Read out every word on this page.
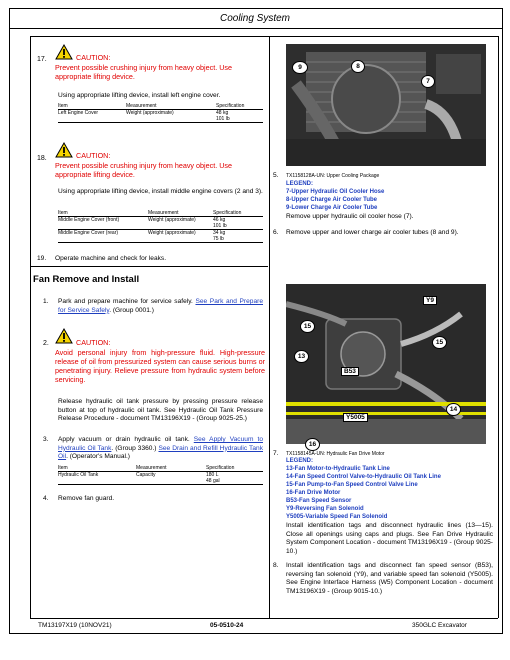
Cooling System
17.	CAUTION:
Prevent possible crushing injury from heavy object. Use appropriate lifting device.
Using appropriate lifting device, install left engine cover.
Item	Measurement	Specification
Left Engine Cover	Weight (approximate)	48 kg
101 lb
18.	CAUTION:
Prevent possible crushing injury from heavy object. Use appropriate lifting device.
Using appropriate lifting device, install middle engine covers (2 and 3).
Item	Measurement	Specification
Middle Engine Cover (front)	Weight (approximate)	46 kg
101 lb
Middle Engine Cover (rear)	Weight (approximate)	34 kg
75 lb
19. Operate machine and check for leaks.
Fan Remove and Install
1. Park and prepare machine for service safely. See Park and Prepare for Service Safely. (Group 0001.)
2.	CAUTION:
Avoid personal injury from high-pressure fluid. High-pressure release of oil from pressurized system can cause serious burns or penetrating injury. Relieve pressure from hydraulic system before servicing.
Release hydraulic oil tank pressure by pressing pressure release button at top of hydraulic oil tank. See Hydraulic Oil Tank Pressure Release Procedure - document TM13196X19 - (Group 9025-25.)
3. Apply vacuum or drain hydraulic oil tank. See Apply Vacuum to Hydraulic Oil Tank. (Group 3360.) See Drain and Refill Hydraulic Tank Oil. (Operator's Manual.)
Item	Measurement	Specification
Hydraulic Oil Tank	Capacity	180 L
48 gal
4. Remove fan guard.
9	8
7
TX1158128A-UN: Upper Cooling Package
5.
LEGEND:
7-Upper Hydraulic Oil Cooler Hose
8-Upper Charge Air Cooler Tube
9-Lower Charge Air Cooler Tube
Remove upper hydraulic oil cooler hose (7).
6. Remove upper and lower charge air cooler tubes (8 and 9).
Y9
15
15
13
B53
Y5005
14
16
7. TX1158145A-UN: Hydraulic Fan Drive Motor
LEGEND:
13-Fan Motor-to-Hydraulic Tank Line
14-Fan Speed Control Valve-to-Hydraulic Oil Tank Line
15-Fan Pump-to-Fan Speed Control Valve Line
16-Fan Drive Motor
B53-Fan Speed Sensor
Y9-Reversing Fan Solenoid
Y5005-Variable Speed Fan Solenoid
Install identification tags and disconnect hydraulic lines (13—15). Close all openings using caps and plugs. See Fan Drive Hydraulic System Component Location - document TM13196X19 - (Group 9025-10.)
8. Install identification tags and disconnect fan speed sensor (B53), reversing fan solenoid (Y9), and variable speed fan solenoid (Y5005). See Engine Interface Harness (W5) Component Location - document TM13196X19 - (Group 9015-10.)
TM13197X19 (10NOV21)	05-0510-24	350GLC Excavator
